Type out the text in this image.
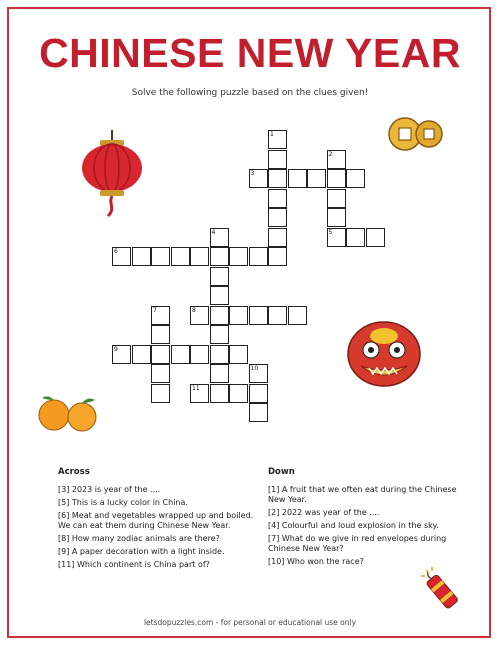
CHINESE NEW YEAR
Solve the following puzzle based on the clues given!
1
2
3
4	5
6
7	8
9
10
11
Across
[3] 2023 is year of the ....
[5] This is a lucky color in China.
[6] Meat and vegetables wrapped up and boiled. We can eat them during Chinese New Year.
[8] How many zodiac animals are there?
[9] A paper decoration with a light inside.
[11] Which continent is China part of?
Down
[1] A fruit that we often eat during the Chinese New Year.
[2] 2022 was year of the ....
[4] Colourful and loud explosion in the sky.
[7] What do we give in red envelopes during Chinese New Year?
[10] Who won the race?
letsdopuzzles.com - for personal or educational use only
